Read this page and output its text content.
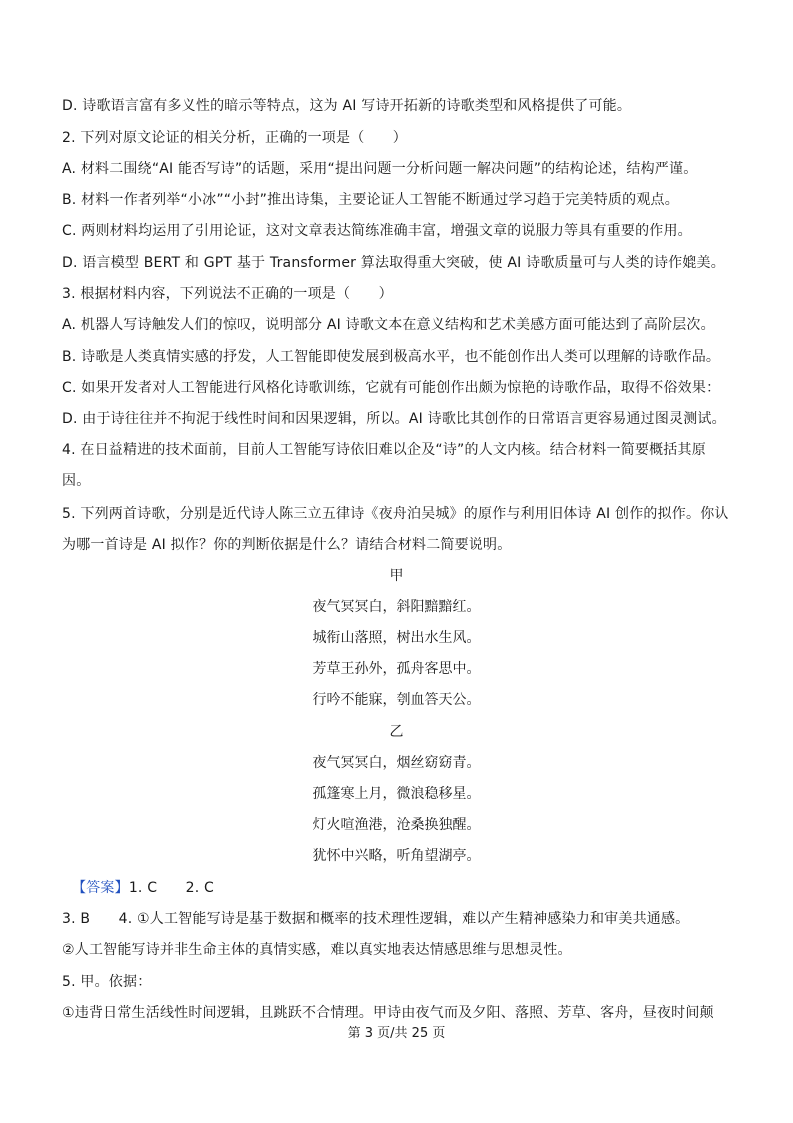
D. 诗歌语言富有多义性的暗示等特点，这为 AI 写诗开拓新的诗歌类型和风格提供了可能。
2. 下列对原文论证的相关分析，正确的一项是（　　）
A. 材料二围绕“AI 能否写诗”的话题，采用“提出问题一分析问题一解决问题”的结构论述，结构严谨。
B. 材料一作者列举“小冰”“小封”推出诗集，主要论证人工智能不断通过学习趋于完美特质的观点。
C. 两则材料均运用了引用论证，这对文章表达简练准确丰富，增强文章的说服力等具有重要的作用。
D. 语言模型 BERT 和 GPT 基于 Transformer 算法取得重大突破，使 AI 诗歌质量可与人类的诗作媲美。
3. 根据材料内容，下列说法不正确的一项是（　　）
A. 机器人写诗触发人们的惊叹，说明部分 AI 诗歌文本在意义结构和艺术美感方面可能达到了高阶层次。
B. 诗歌是人类真情实感的抒发，人工智能即使发展到极高水平，也不能创作出人类可以理解的诗歌作品。
C. 如果开发者对人工智能进行风格化诗歌训练，它就有可能创作出颇为惊艳的诗歌作品，取得不俗效果：
D. 由于诗往往并不拘泥于线性时间和因果逻辑，所以。AI 诗歌比其创作的日常语言更容易通过图灵测试。
4. 在日益精进的技术面前，目前人工智能写诗依旧难以企及“诗”的人文内核。结合材料一简要概括其原
因。
5. 下列两首诗歌，分别是近代诗人陈三立五律诗《夜舟泊吴城》的原作与利用旧体诗 AI 创作的拟作。你认
为哪一首诗是 AI 拟作？你的判断依据是什么？请结合材料二简要说明。
甲
夜气冥冥白，斜阳黯黯红。
城衔山落照，树出水生风。
芳草王孙外，孤舟客思中。
行吟不能寐，刳血答天公。
乙
夜气冥冥白，烟丝窈窈青。
孤篷寒上月，微浪稳移星。
灯火喧渔港，沧桑换独醒。
犹怀中兴略，听角望湖亭。
【答案】1. C　　2. C
3. B　　4. ①人工智能写诗是基于数据和概率的技术理性逻辑，难以产生精神感染力和审美共通感。
②人工智能写诗并非生命主体的真情实感，难以真实地表达情感思维与思想灵性。
5. 甲。依据：
①违背日常生活线性时间逻辑，且跳跃不合情理。甲诗由夜气而及夕阳、落照、芳草、客舟，昼夜时间颠
第 3 页/共 25 页
